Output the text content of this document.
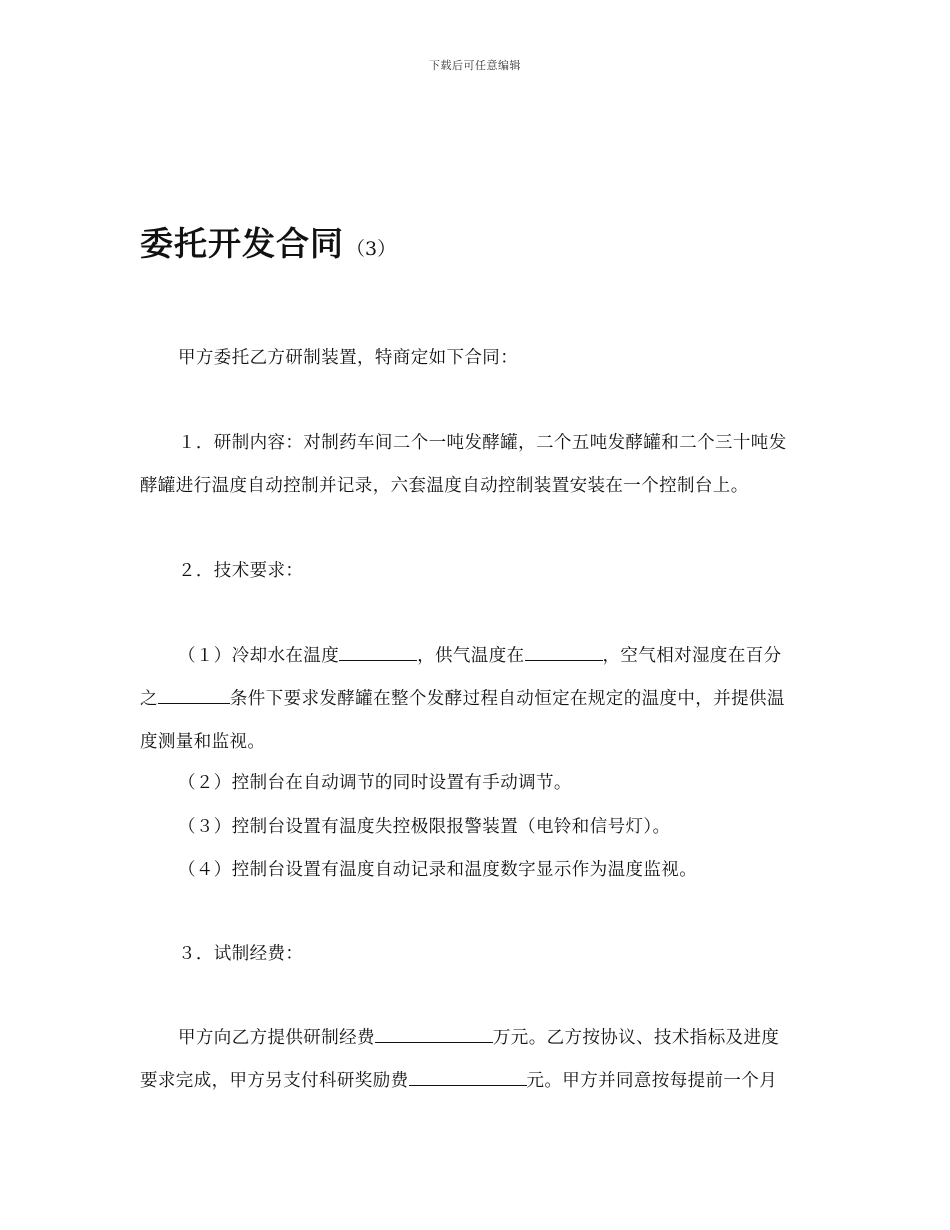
下载后可任意编辑
委托开发合同 （3）
甲方委托乙方研制装置，特商定如下合同：
１．研制内容：对制药车间二个一吨发酵罐，二个五吨发酵罐和二个三十吨发
酵罐进行温度自动控制并记录，六套温度自动控制装置安装在一个控制台上。
２．技术要求：
（１）冷却水在温度	，供气温度在	，空气相对湿度在百分
之	条件下要求发酵罐在整个发酵过程自动恒定在规定的温度中，并提供温
度测量和监视。
（２）控制台在自动调节的同时设置有手动调节。
（３）控制台设置有温度失控极限报警装置（电铃和信号灯）。
（４）控制台设置有温度自动记录和温度数字显示作为温度监视。
３．试制经费：
甲方向乙方提供研制经费	万元。乙方按协议、技术指标及进度
要求完成，甲方另支付科研奖励费	元。甲方并同意按每提前一个月
